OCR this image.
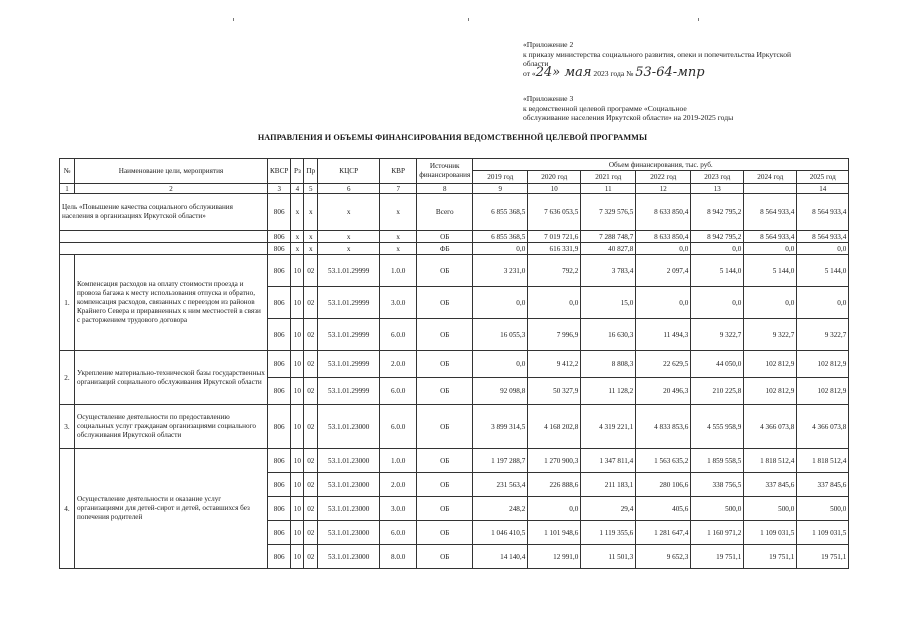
«Приложение 2
к приказу министерства социального развития, опеки и попечительства Иркутской
области
от «24» мая 2023 года № 53-64-мпр
«Приложение 3
к ведомственной целевой программе «Социальное
обслуживание населения Иркутской области» на 2019-2025 годы
НАПРАВЛЕНИЯ И ОБЪЕМЫ ФИНАНСИРОВАНИЯ ВЕДОМСТВЕННОЙ ЦЕЛЕВОЙ ПРОГРАММЫ
№	Наименование цели, мероприятия	КВСР	Рз	Пр	КЦСР	КВР	Источник финансирования	Объем финансирования, тыс. руб.						
								2019 год	2020 год	2021 год	2022 год	2023 год	2024 год	2025 год
1	2	3	4	5	6	7	8	9	10	11	12	13		14
Цель «Повышение качества социального обслуживания населения в организациях Иркутской области»		806	х	х	х	х	Всего	6 855 368,5	7 636 053,5	7 329 576,5	8 633 850,4	8 942 795,2	8 564 933,4	8 564 933,4
		806	х	х	х	х	ОБ	6 855 368,5	7 019 721,6	7 288 748,7	8 633 850,4	8 942 795,2	8 564 933,4	8 564 933,4
		806	х	х	х	х	ФБ	0,0	616 331,9	40 827,8	0,0	0,0	0,0	0,0
1.	Компенсация расходов на оплату стоимости проезда и провоза багажа к месту использования отпуска и обратно, компенсация расходов, связанных с переездом из районов Крайнего Севера и приравненных к ним местностей в связи с расторжением трудового договора	806	10	02	53.1.01.29999	1.0.0	ОБ	3 231,0	792,2	3 783,4	2 097,4	5 144,0	5 144,0	5 144,0
		806	10	02	53.1.01.29999	3.0.0	ОБ	0,0	0,0	15,0	0,0	0,0	0,0	0,0
		806	10	02	53.1.01.29999	6.0.0	ОБ	16 055,3	7 996,9	16 630,3	11 494,3	9 322,7	9 322,7	9 322,7
2.	Укрепление материально-технической базы государственных организаций социального обслуживания Иркутской области	806	10	02	53.1.01.29999	2.0.0	ОБ	0,0	9 412,2	8 808,3	22 629,5	44 050,0	102 812,9	102 812,9
		806	10	02	53.1.01.29999	6.0.0	ОБ	92 098,8	50 327,9	11 128,2	20 496,3	210 225,8	102 812,9	102 812,9
3.	Осуществление деятельности по предоставлению социальных услуг гражданам организациями социального обслуживания Иркутской области	806	10	02	53.1.01.23000	6.0.0	ОБ	3 899 314,5	4 168 202,8	4 319 221,1	4 833 853,6	4 555 958,9	4 366 073,8	4 366 073,8
4.	Осуществление деятельности и оказание услуг организациями для детей-сирот и детей, оставшихся без попечения родителей	806	10	02	53.1.01.23000	1.0.0	ОБ	1 197 288,7	1 270 900,3	1 347 811,4	1 563 635,2	1 859 558,5	1 818 512,4	1 818 512,4
		806	10	02	53.1.01.23000	2.0.0	ОБ	231 563,4	226 888,6	211 183,1	280 106,6	338 756,5	337 845,6	337 845,6
		806	10	02	53.1.01.23000	3.0.0	ОБ	248,2	0,0	29,4	405,6	500,0	500,0	500,0
		806	10	02	53.1.01.23000	6.0.0	ОБ	1 046 410,5	1 101 948,6	1 119 355,6	1 281 647,4	1 160 971,2	1 109 031,5	1 109 031,5
		806	10	02	53.1.01.23000	8.0.0	ОБ	14 140,4	12 991,0	11 501,3	9 652,3	19 751,1	19 751,1	19 751,1
